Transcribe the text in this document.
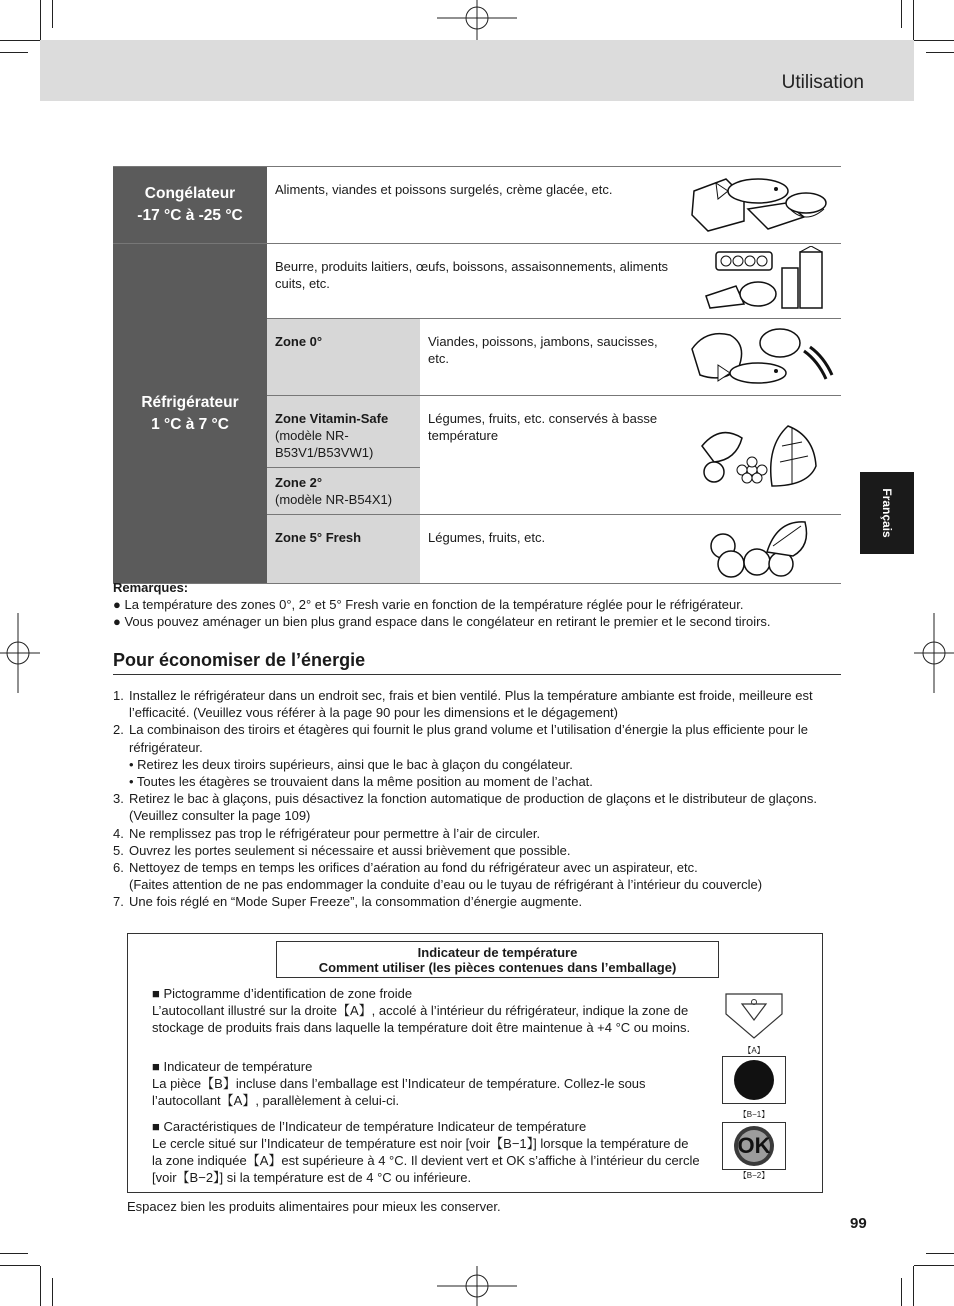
Utilisation
Français
Congélateur
-17 °C à -25 °C	Aliments, viandes et poissons surgelés, crème glacée, etc.	

Réfrigérateur
1 °C à 7 °C	Beurre, produits laitiers, œufs, boissons, assaisonnements, aliments cuits, etc.	
	Zone 0°	Viandes, poissons, jambons, saucisses, etc.	
	Zone Vitamin-Safe
(modèle NR-B53V1/B53VW1)	Légumes, fruits, etc. conservés à basse température	
	Zone 2°
(modèle NR-B54X1)		
	Zone 5° Fresh	Légumes, fruits, etc.	

Remarques:
● La température des zones 0°, 2° et 5° Fresh varie en fonction de la température réglée pour le réfrigérateur.
● Vous pouvez aménager un bien plus grand espace dans le congélateur en retirant le premier et le second tiroirs.
Pour économiser de l’énergie
1. Installez le réfrigérateur dans un endroit sec, frais et bien ventilé. Plus la température ambiante est froide, meilleure est l’efficacité. (Veuillez vous référer à la page 90 pour les dimensions et le dégagement)
2. La combinaison des tiroirs et étagères qui fournit le plus grand volume et l’utilisation d’énergie la plus efficiente pour le réfrigérateur.
• Retirez les deux tiroirs supérieurs, ainsi que le bac à glaçon du congélateur.
• Toutes les étagères se trouvaient dans la même position au moment de l’achat.
3. Retirez le bac à glaçons, puis désactivez la fonction automatique de production de glaçons et le distributeur de glaçons. (Veuillez consulter la page 109)
4. Ne remplissez pas trop le réfrigérateur pour permettre à l’air de circuler.
5. Ouvrez les portes seulement si nécessaire et aussi brièvement que possible.
6. Nettoyez de temps en temps les orifices d’aération au fond du réfrigérateur avec un aspirateur, etc.
(Faites attention de ne pas endommager la conduite d’eau ou le tuyau de réfrigérant à l’intérieur du couvercle)
7. Une fois réglé en “Mode Super Freeze”, la consommation d’énergie augmente.
Indicateur de température
Comment utiliser (les pièces contenues dans l’emballage)
■ Pictogramme d’identification de zone froide
L’autocollant illustré sur la droite【A】, accolé à l’intérieur du réfrigérateur, indique la zone de stockage de produits frais dans laquelle la température doit être maintenue à +4 °C ou moins.
■ Indicateur de température
La pièce【B】incluse dans l’emballage est l’Indicateur de température. Collez-le sous l’autocollant【A】, parallèlement à celui-ci.
■ Caractéristiques de l’Indicateur de température Indicateur de température
Le cercle situé sur l’Indicateur de température est noir [voir【B−1】] lorsque la température de la zone indiquée【A】est supérieure à 4 °C. Il devient vert et OK s’affiche à l’intérieur du cercle [voir【B−2】] si la température est de 4 °C ou inférieure.
【A】
【B−1】
OK
【B−2】
Espacez bien les produits alimentaires pour mieux les conserver.
99
